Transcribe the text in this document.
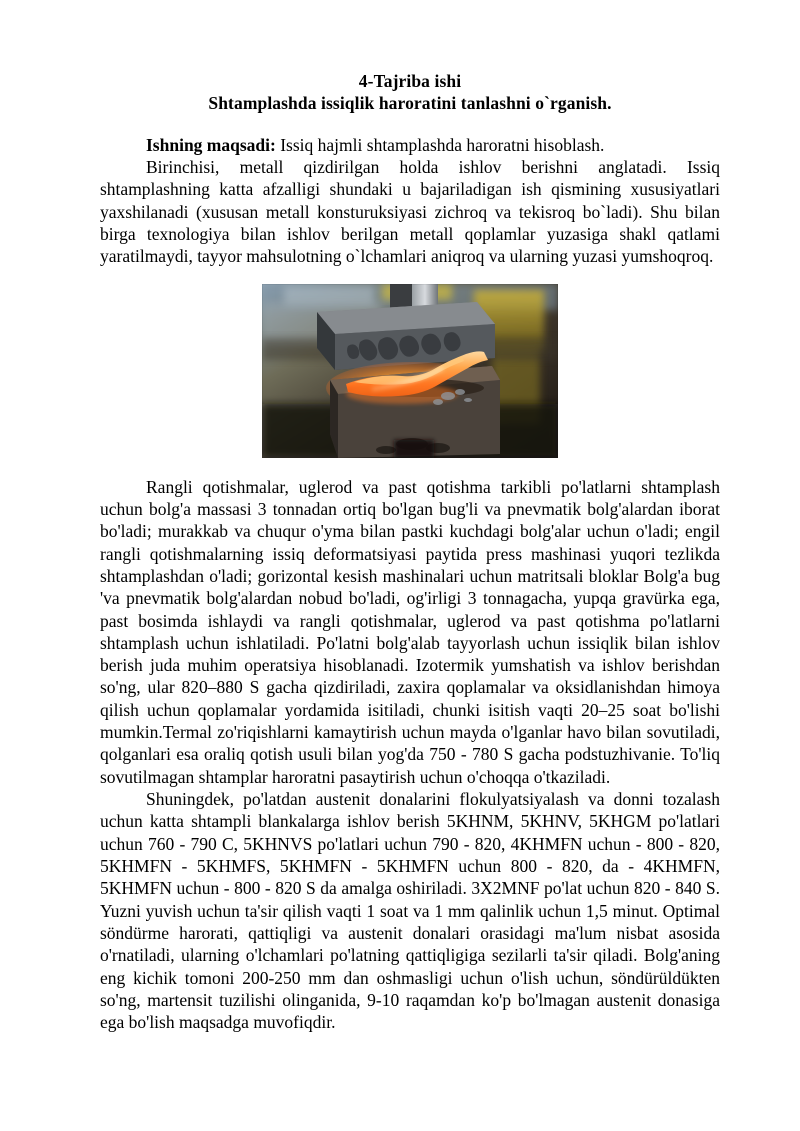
4-Tajriba ishi
Shtamplashda issiqlik haroratini tanlashni o`rganish.

Ishning maqsadi: Issiq hajmli shtamplashda haroratni hisoblash.

Birinchisi, metall qizdirilgan holda ishlov berishni anglatadi. Issiq shtamplashning katta afzalligi shundaki u bajariladigan ish qismining xususiyatlari yaxshilanadi (xususan metall konsturuksiyasi zichroq va tekisroq bo`ladi). Shu bilan birga texnologiya bilan ishlov berilgan metall qoplamlar yuzasiga shakl qatlami yaratilmaydi, tayyor mahsulotning o`lchamlari aniqroq va ularning yuzasi yumshoqroq.

Rangli qotishmalar, uglerod va past qotishma tarkibli po'latlarni shtamplash uchun bolg'a massasi 3 tonnadan ortiq bo'lgan bug'li va pnevmatik bolg'alardan iborat bo'ladi; murakkab va chuqur o'yma bilan pastki kuchdagi bolg'alar uchun o'ladi; engil rangli qotishmalarning issiq deformatsiyasi paytida press mashinasi yuqori tezlikda shtamplashdan o'ladi; gorizontal kesish mashinalari uchun matritsali bloklar Bolg'a bug 'va pnevmatik bolg'alardan nobud bo'ladi, og'irligi 3 tonnagacha, yupqa gravürka ega, past bosimda ishlaydi va rangli qotishmalar, uglerod va past qotishma po'latlarni shtamplash uchun ishlatiladi. Po'latni bolg'alab tayyorlash uchun issiqlik bilan ishlov berish juda muhim operatsiya hisoblanadi. Izotermik yumshatish va ishlov berishdan so'ng, ular 820–880 S gacha qizdiriladi, zaxira qoplamalar va oksidlanishdan himoya qilish uchun qoplamalar yordamida isitiladi, chunki isitish vaqti 20–25 soat bo'lishi mumkin.Termal zo'riqishlarni kamaytirish uchun mayda o'lganlar havo bilan sovutiladi, qolganlari esa oraliq qotish usuli bilan yog'da 750 - 780 S gacha podstuzhivanie. To'liq sovutilmagan shtamplar haroratni pasaytirish uchun o'choqqa o'tkaziladi.

Shuningdek, po'latdan austenit donalarini flokulyatsiyalash va donni tozalash uchun katta shtampli blankalarga ishlov berish 5KHNM, 5KHNV, 5KHGM po'latlari uchun 760 - 790 C, 5KHNVS po'latlari uchun 790 - 820, 4KHMFN uchun - 800 - 820, 5KHMFN - 5KHMFS, 5KHMFN - 5KHMFN uchun 800 - 820, da - 4KHMFN, 5KHMFN uchun - 800 - 820 S da amalga oshiriladi. 3X2MNF po'lat uchun 820 - 840 S. Yuzni yuvish uchun ta'sir qilish vaqti 1 soat va 1 mm qalinlik uchun 1,5 minut. Optimal söndürme harorati, qattiqligi va austenit donalari orasidagi ma'lum nisbat asosida o'rnatiladi, ularning o'lchamlari po'latning qattiqligiga sezilarli ta'sir qiladi. Bolg'aning eng kichik tomoni 200-250 mm dan oshmasligi uchun o'lish uchun, söndürüldükten so'ng, martensit tuzilishi olinganida, 9-10 raqamdan ko'p bo'lmagan austenit donasiga ega bo'lish maqsadga muvofiqdir.
